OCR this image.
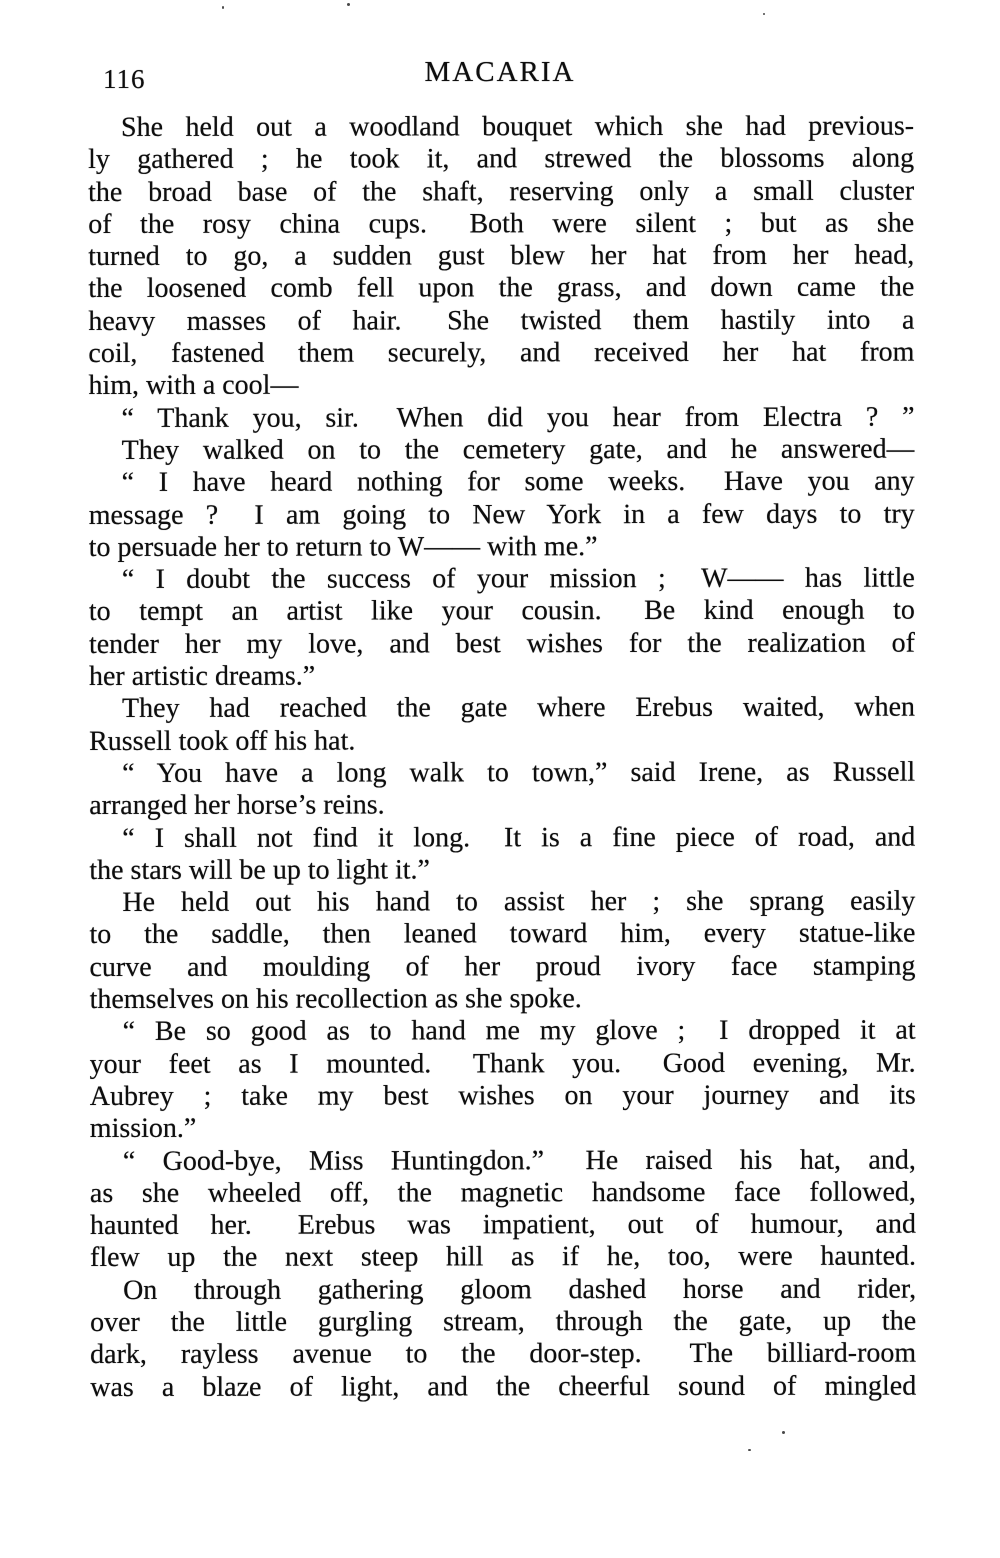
116	MACARIA

She held out a woodland bouquet which she had previous-
ly gathered ; he took it, and strewed the blossoms along
the broad base of the shaft, reserving only a small cluster
of the rosy china cups.  Both were silent ; but as she
turned to go, a sudden gust blew her hat from her head,
the loosened comb fell upon the grass, and down came the
heavy masses of hair.  She twisted them hastily into a
coil, fastened them securely, and received her hat from
him, with a cool—

“ Thank you, sir.  When did you hear from Electra ? ”

They walked on to the cemetery gate, and he answered—

“ I have heard nothing for some weeks.  Have you any
message ?  I am going to New York in a few days to try
to persuade her to return to W—— with me.”

“ I doubt the success of your mission ;  W—— has little
to tempt an artist like your cousin.  Be kind enough to
tender her my love, and best wishes for the realization of
her artistic dreams.”

They had reached the gate where Erebus waited, when
Russell took off his hat.

“ You have a long walk to town,” said Irene, as Russell
arranged her horse’s reins.

“ I shall not find it long.  It is a fine piece of road, and
the stars will be up to light it.”

He held out his hand to assist her ; she sprang easily
to the saddle, then leaned toward him, every statue-like
curve and moulding of her proud ivory face stamping
themselves on his recollection as she spoke.

“ Be so good as to hand me my glove ;  I dropped it at
your feet as I mounted.  Thank you.  Good evening, Mr.
Aubrey ; take my best wishes on your journey and its
mission.”

“ Good-bye, Miss Huntingdon.”  He raised his hat, and,
as she wheeled off, the magnetic handsome face followed,
haunted her.  Erebus was impatient, out of humour, and
flew up the next steep hill as if he, too, were haunted.

On through gathering gloom dashed horse and rider,
over the little gurgling stream, through the gate, up the
dark, rayless avenue to the door-step.  The billiard-room
was a blaze of light, and the cheerful sound of mingled
